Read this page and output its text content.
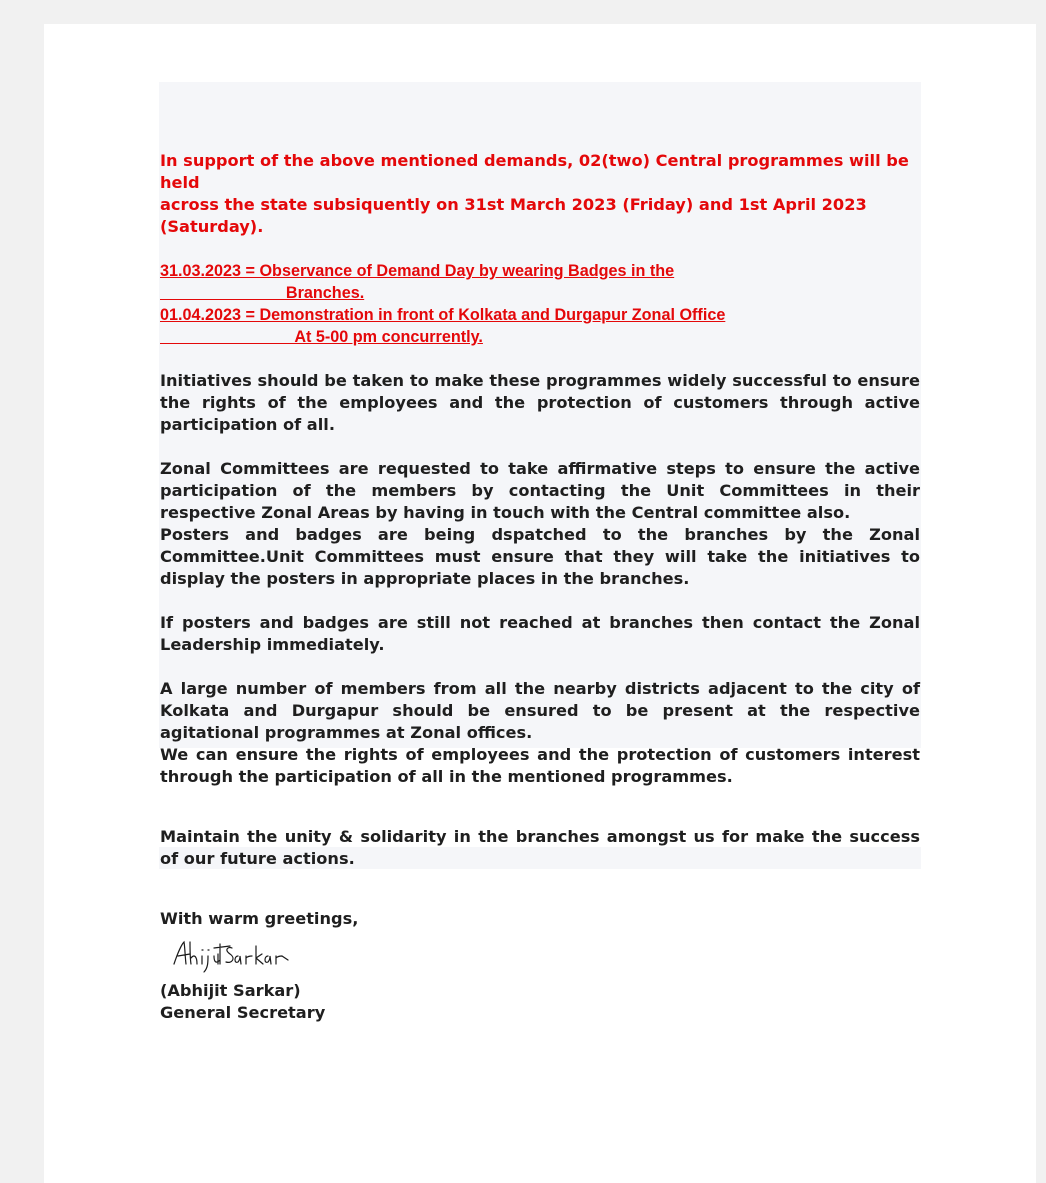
In support of the above mentioned demands, 02(two) Central programmes will be held
across the state subsiquently on 31st March 2023 (Friday) and 1st April 2023 (Saturday).

31.03.2023 = Observance of Demand Day by wearing Badges in the
Branches.
01.04.2023 = Demonstration in front of Kolkata and Durgapur Zonal Office
At 5-00 pm concurrently.

Initiatives should be taken to make these programmes widely successful to ensure the rights of the employees and the protection of customers through active participation of all.

Zonal Committees are requested to take affirmative steps to ensure the active participation of the members by contacting the Unit Committees in their respective Zonal Areas by having in touch with the Central committee also.

Posters and badges are being dspatched to the branches by the Zonal Committee.Unit Committees must ensure that they will take the initiatives to display the posters in appropriate places in the branches.

If posters and badges are still not reached at branches then contact the Zonal Leadership immediately.

A large number of members from all the nearby districts adjacent to the city of Kolkata and Durgapur should be ensured to be present at the respective agitational programmes at Zonal offices.

We can ensure the rights of employees and the protection of customers interest through the participation of all in the mentioned programmes.

Maintain the unity & solidarity in the branches amongst us for make the success of our future actions.

With warm greetings,

(Abhijit Sarkar)

General Secretary
